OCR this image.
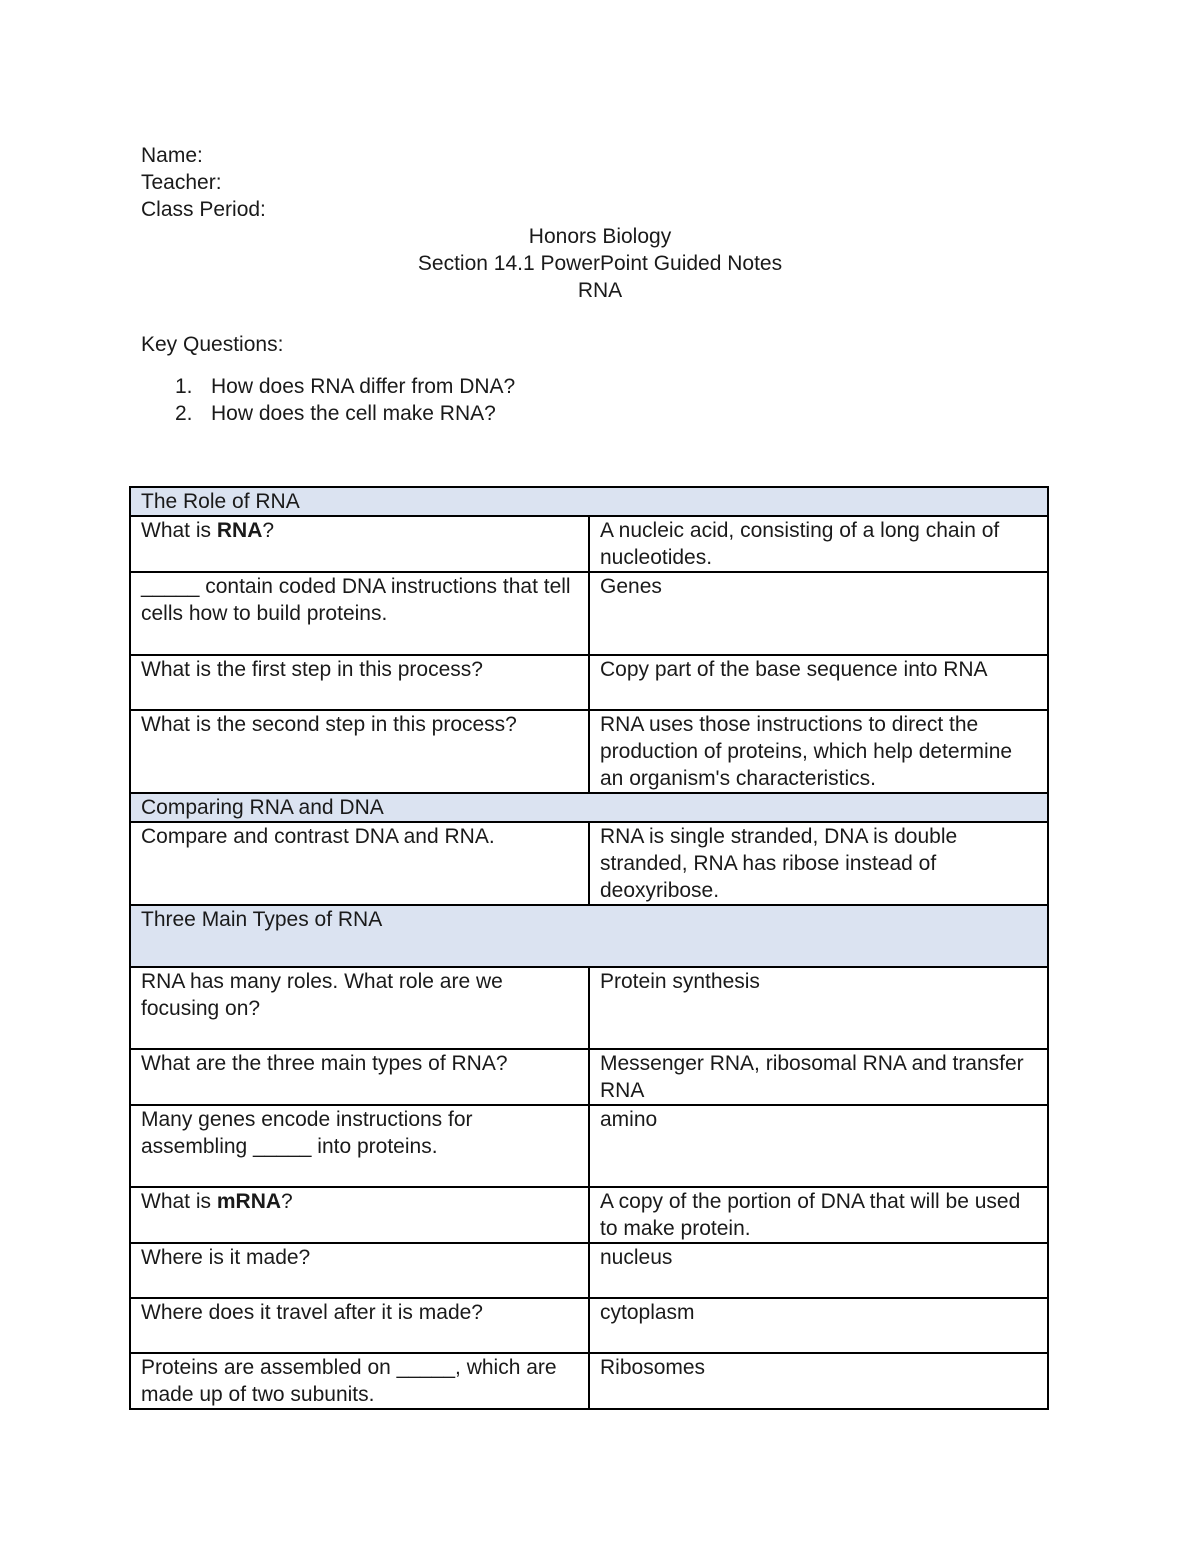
Name:
Teacher:
Class Period:
Honors Biology
Section 14.1 PowerPoint Guided Notes
RNA
Key Questions:
1. How does RNA differ from DNA?
2. How does the cell make RNA?
The Role of RNA	
What is RNA?	A nucleic acid, consisting of a long chain of nucleotides.
_____ contain coded DNA instructions that tell cells how to build proteins.	Genes
What is the first step in this process?	Copy part of the base sequence into RNA
What is the second step in this process?	RNA uses those instructions to direct the production of proteins, which help determine an organism's characteristics.
Comparing RNA and DNA	
Compare and contrast DNA and RNA.	RNA is single stranded, DNA is double stranded, RNA has ribose instead of deoxyribose.
Three Main Types of RNA	
RNA has many roles. What role are we focusing on?	Protein synthesis
What are the three main types of RNA?	Messenger RNA, ribosomal RNA and transfer RNA
Many genes encode instructions for assembling _____ into proteins.	amino
What is mRNA?	A copy of the portion of DNA that will be used to make protein.
Where is it made?	nucleus
Where does it travel after it is made?	cytoplasm
Proteins are assembled on _____, which are made up of two subunits.	Ribosomes
